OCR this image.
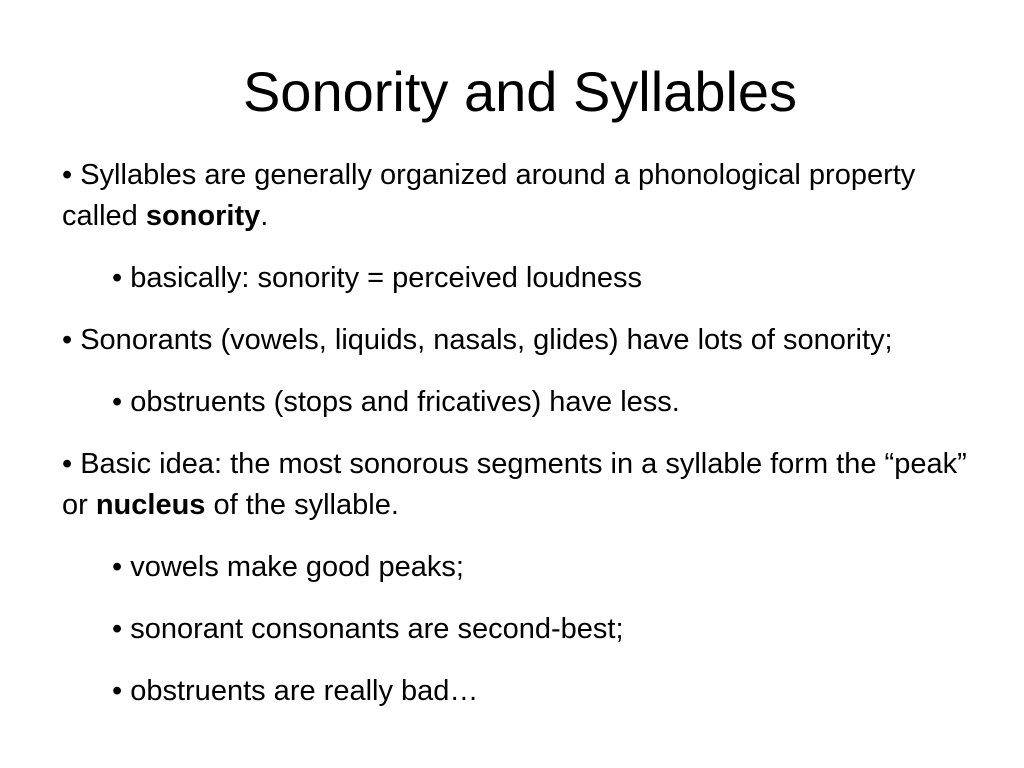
Sonority and Syllables

• Syllables are generally organized around a phonological property called sonority.

• basically: sonority = perceived loudness

• Sonorants (vowels, liquids, nasals, glides) have lots of sonority;

• obstruents (stops and fricatives) have less.

• Basic idea: the most sonorous segments in a syllable form the “peak” or nucleus of the syllable.

• vowels make good peaks;

• sonorant consonants are second-best;

• obstruents are really bad…
